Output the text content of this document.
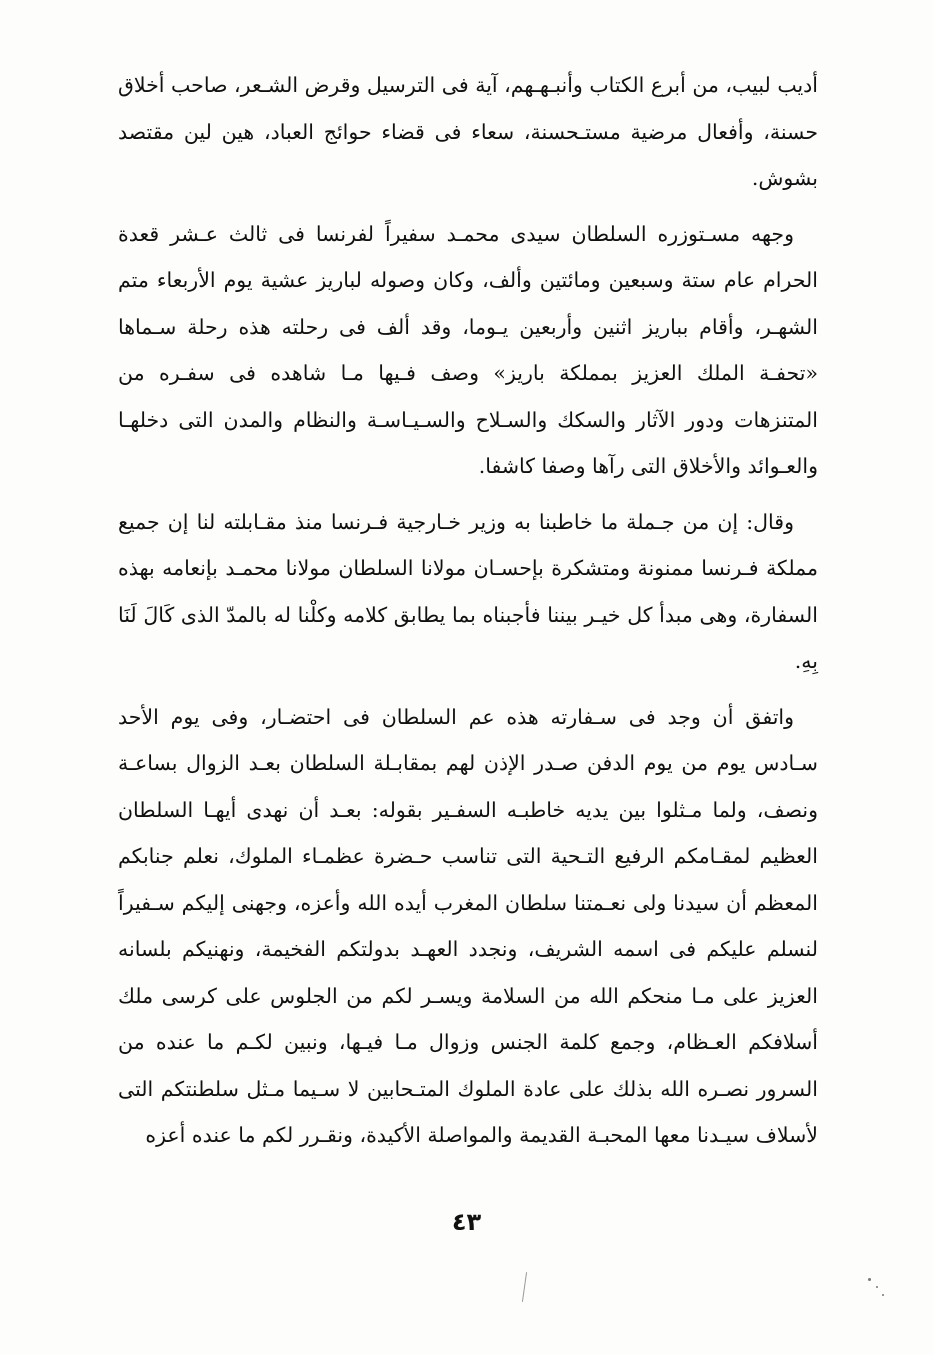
أديب لبيب، من أبرع الكتاب وأنبـهـهم، آية فى الترسيل وقرض الشـعر، صاحب أخلاق حسنة، وأفعال مرضية مستـحسنة، سعاء فى قضاء حوائج العباد، هين لين مقتصد بشوش.

وجهه مسـتوزره السلطان سيدى محمـد سفيراً لفرنسا فى ثالث عـشر قعدة الحرام عام ستة وسبعين ومائتين وألف، وكان وصوله لباريز عشية يوم الأربعاء متم الشهـر، وأقام بباريز اثنين وأربعين يـوما، وقد ألف فى رحلته هذه رحلة سـماها «تحفـة الملك العزيز بمملكة باريز» وصف فـيها مـا شاهده فى سفـره من المتنزهات ودور الآثار والسكك والسـلاح والسـيـاسـة والنظام والمدن التى دخلهـا والعـوائد والأخلاق التى رآها وصفا كاشفا.

وقال: إن من جـملة ما خاطبنا به وزير خـارجية فـرنسا منذ مقـابلته لنا إن جميع مملكة فـرنسا ممنونة ومتشكرة بإحسـان مولانا السلطان مولانا محمـد بإنعامه بهذه السفارة، وهى مبدأ كل خيـر بيننا فأجبناه بما يطابق كلامه وكلْنا له بالمدّ الذى كَالَ لَنَا بِهِ.

واتفق أن وجد فى سـفارته هذه عم السلطان فى احتضـار، وفى يوم الأحد سـادس يوم من يوم الدفن صـدر الإذن لهم بمقابـلة السلطان بعـد الزوال بساعـة ونصف، ولما مـثلوا بين يديه خاطبـه السفـير بقوله: بعـد أن نهدى أيهـا السلطان العظيم لمقـامكم الرفيع التـحية التى تناسب حـضرة عظمـاء الملوك، نعلم جنابكم المعظم أن سيدنا ولى نعـمتنا سلطان المغرب أيده الله وأعزه، وجهنى إليكم سـفيراً لنسلم عليكم فى اسمه الشريف، ونجدد العهـد بدولتكم الفخيمة، ونهنيكم بلسانه العزيز على مـا منحكم الله من السلامة ويسـر لكم من الجلوس على كرسى ملك أسلافكم العـظام، وجمع كلمة الجنس وزوال مـا فيـها، ونبين لكـم ما عنده من السرور نصـره الله بذلك على عادة الملوك المتـحابين لا سـيما مـثل سلطنتكم التى لأسلاف سيـدنا معها المحبـة القديمة والمواصلة الأكيدة، ونقـرر لكم ما عنده أعزه

٤٣
